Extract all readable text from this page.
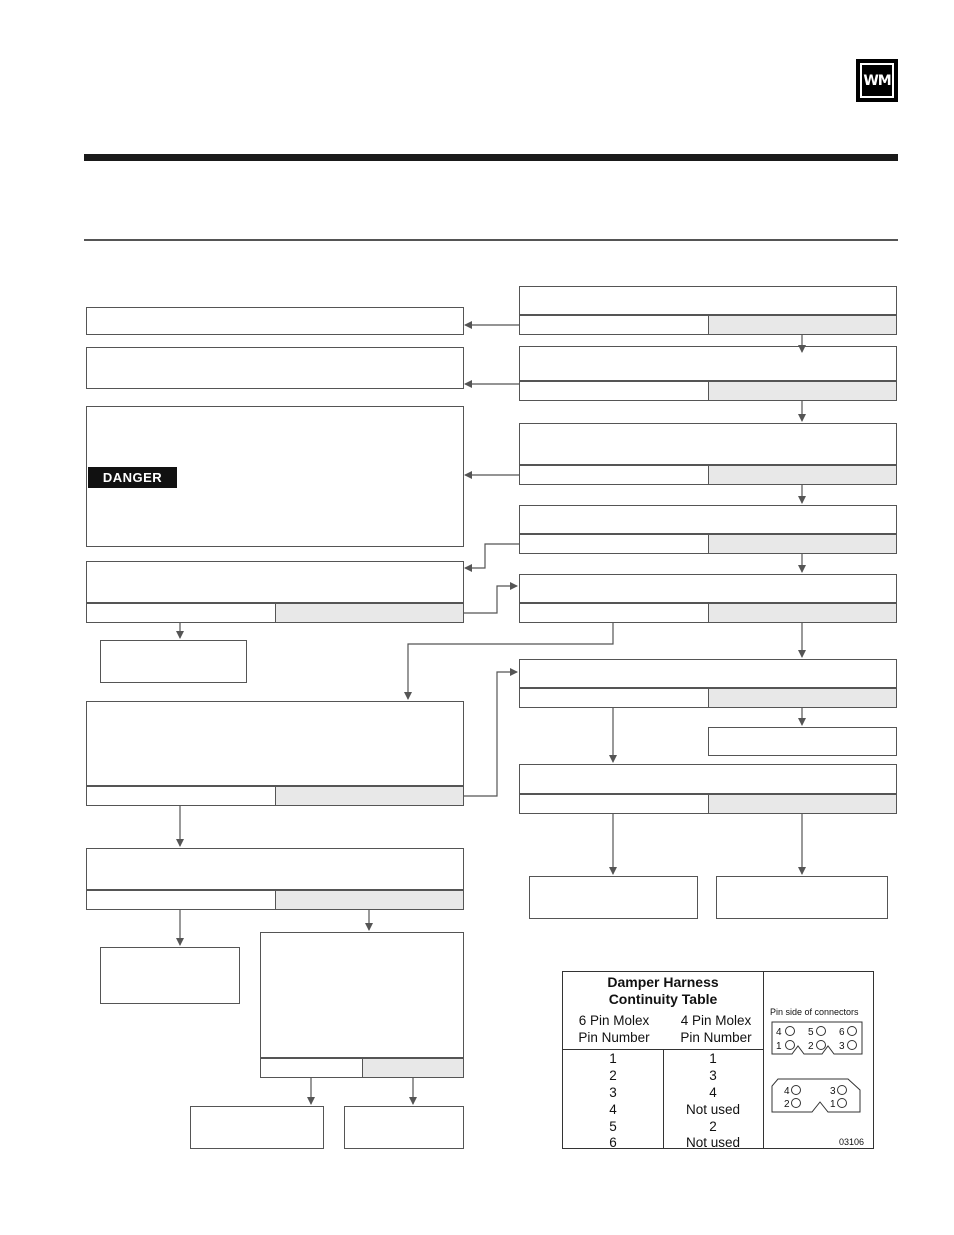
WM
DANGER
Damper Harness
Continuity Table
6 Pin Molex
Pin Number
4 Pin Molex
Pin Number
1	1
2	3
3	4
4	Not used
5	2
6	Not used
Pin side of connectors
4	5	6
1	2	3
4	3
2	1
03106
